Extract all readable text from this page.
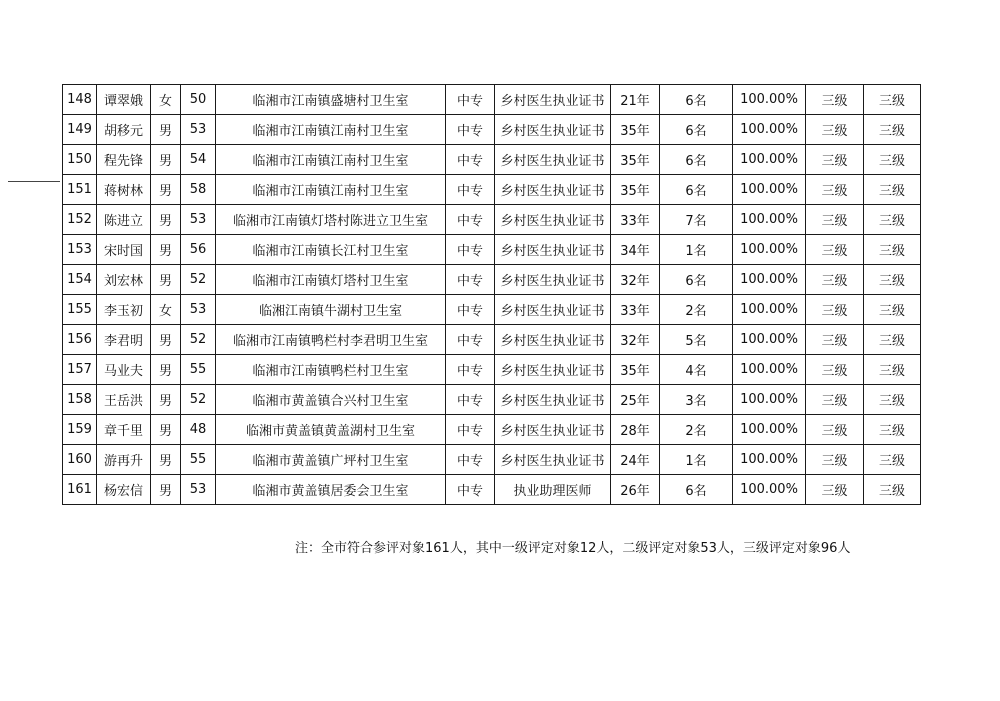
148	谭翠娥	女	50	临湘市江南镇盛塘村卫生室	中专	乡村医生执业证书	21年	6名	100.00%	三级	三级
149	胡移元	男	53	临湘市江南镇江南村卫生室	中专	乡村医生执业证书	35年	6名	100.00%	三级	三级
150	程先锋	男	54	临湘市江南镇江南村卫生室	中专	乡村医生执业证书	35年	6名	100.00%	三级	三级
151	蒋树林	男	58	临湘市江南镇江南村卫生室	中专	乡村医生执业证书	35年	6名	100.00%	三级	三级
152	陈进立	男	53	临湘市江南镇灯塔村陈进立卫生室	中专	乡村医生执业证书	33年	7名	100.00%	三级	三级
153	宋时国	男	56	临湘市江南镇长江村卫生室	中专	乡村医生执业证书	34年	1名	100.00%	三级	三级
154	刘宏林	男	52	临湘市江南镇灯塔村卫生室	中专	乡村医生执业证书	32年	6名	100.00%	三级	三级
155	李玉初	女	53	临湘江南镇牛湖村卫生室	中专	乡村医生执业证书	33年	2名	100.00%	三级	三级
156	李君明	男	52	临湘市江南镇鸭栏村李君明卫生室	中专	乡村医生执业证书	32年	5名	100.00%	三级	三级
157	马业夫	男	55	临湘市江南镇鸭栏村卫生室	中专	乡村医生执业证书	35年	4名	100.00%	三级	三级
158	王岳洪	男	52	临湘市黄盖镇合兴村卫生室	中专	乡村医生执业证书	25年	3名	100.00%	三级	三级
159	章千里	男	48	临湘市黄盖镇黄盖湖村卫生室	中专	乡村医生执业证书	28年	2名	100.00%	三级	三级
160	游再升	男	55	临湘市黄盖镇广坪村卫生室	中专	乡村医生执业证书	24年	1名	100.00%	三级	三级
161	杨宏信	男	53	临湘市黄盖镇居委会卫生室	中专	执业助理医师	26年	6名	100.00%	三级	三级
注：全市符合参评对象161人，其中一级评定对象12人，二级评定对象53人，三级评定对象96人
